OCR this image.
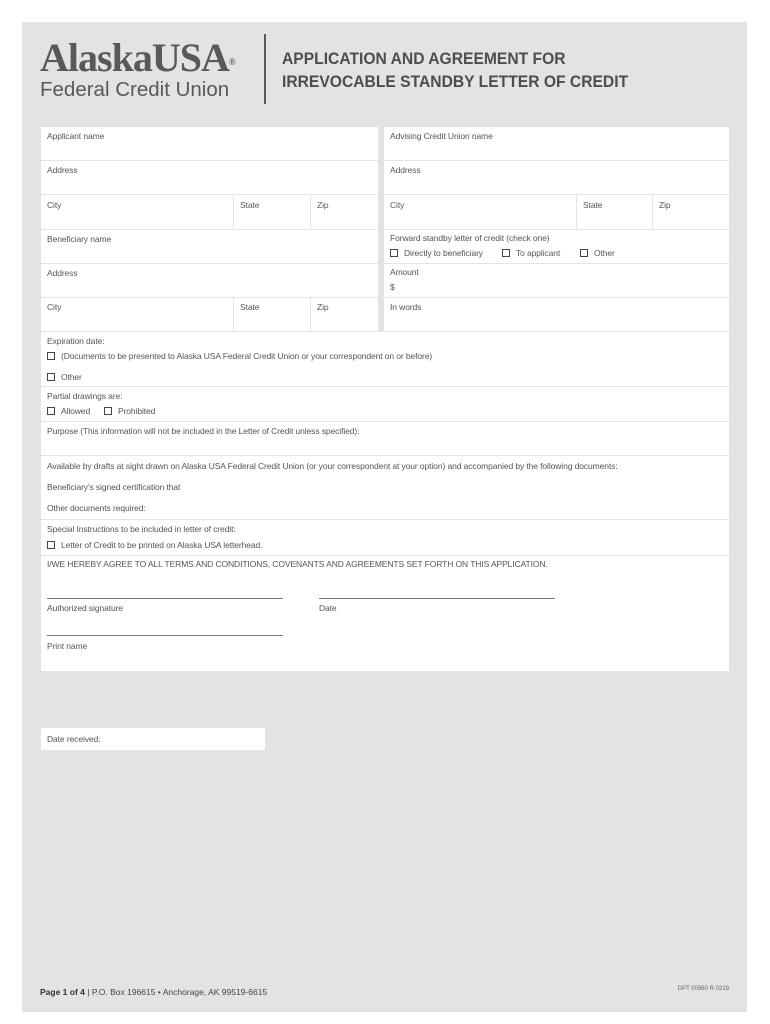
AlaskaUSA®
Federal Credit Union
APPLICATION AND AGREEMENT FOR
IRREVOCABLE STANDBY LETTER OF CREDIT
Applicant name
Address
City	State	Zip
Beneficiary name
Address
City	State	Zip
Advising Credit Union name
Address
City	State	Zip
Forward standby letter of credit (check one)
Directly to beneficiary	To applicant	Other
Amount
$
In words
Expiration date:
(Documents to be presented to Alaska USA Federal Credit Union or your correspondent on or before)
Other
Partial drawings are:
Allowed	Prohibited
Purpose (This information will not be included in the Letter of Credit unless specified):
Available by drafts at sight drawn on Alaska USA Federal Credit Union (or your correspondent at your option) and accompanied by the following documents:
Beneficiary's signed certification that
Other documents required:
Special Instructions to be included in letter of credit:
Letter of Credit to be printed on Alaska USA letterhead.
I/WE HEREBY AGREE TO ALL TERMS AND CONDITIONS, COVENANTS AND AGREEMENTS SET FORTH ON THIS APPLICATION.
Authorized signature	Date
Print name
Date received:
Page 1 of 4 | P.O. Box 196615 • Anchorage, AK 99519-6615	DPT 00960 R 0219
